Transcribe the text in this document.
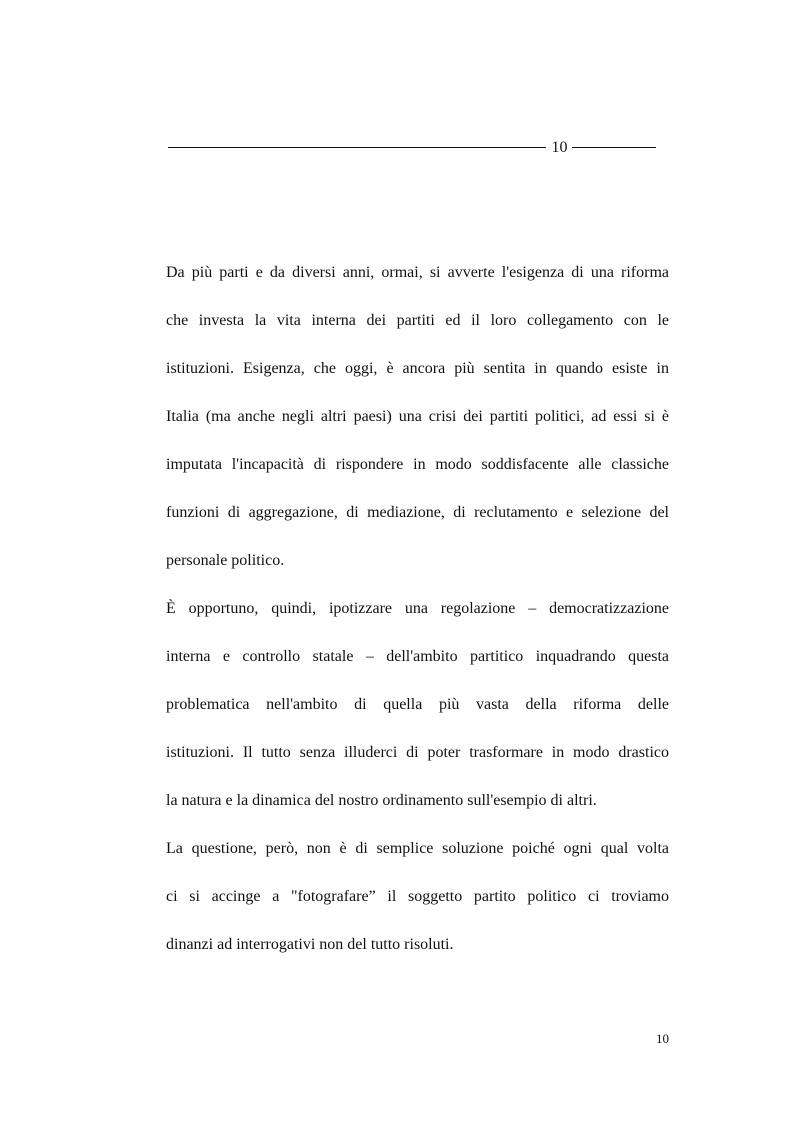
10
Da più parti e da diversi anni, ormai, si avverte l'esigenza di una riforma
che investa la vita interna dei partiti ed il loro collegamento con le
istituzioni. Esigenza, che oggi, è ancora più sentita in quando esiste in
Italia (ma anche negli altri paesi) una crisi dei partiti politici, ad essi si è
imputata l'incapacità di rispondere in modo soddisfacente alle classiche
funzioni di aggregazione, di mediazione, di reclutamento e selezione del
personale politico.
È opportuno, quindi, ipotizzare una regolazione – democratizzazione
interna e controllo statale – dell'ambito partitico inquadrando questa
problematica nell'ambito di quella più vasta della riforma delle
istituzioni. Il tutto senza illuderci di poter trasformare in modo drastico
la natura e la dinamica del nostro ordinamento sull'esempio di altri.
La questione, però, non è di semplice soluzione poiché ogni qual volta
ci si accinge a "fotografare” il soggetto partito politico ci troviamo
dinanzi ad interrogativi non del tutto risoluti.
10
